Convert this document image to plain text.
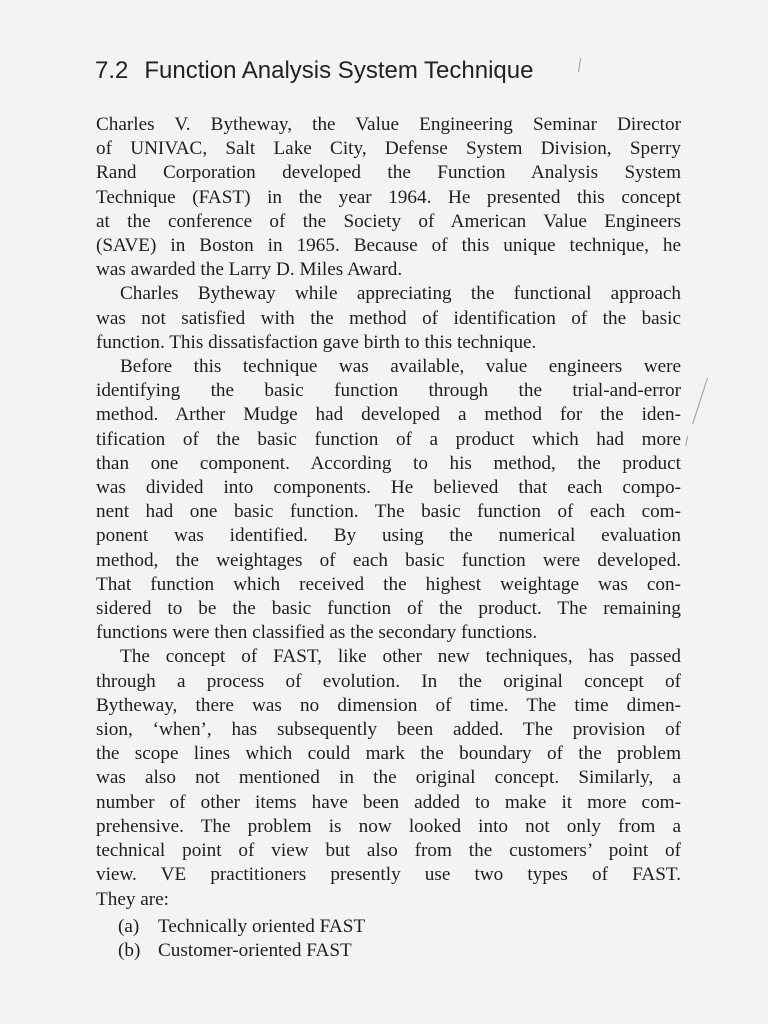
7.2 Function Analysis System Technique
Charles V. Bytheway, the Value Engineering Seminar Director
of UNIVAC, Salt Lake City, Defense System Division, Sperry
Rand Corporation developed the Function Analysis System
Technique (FAST) in the year 1964. He presented this concept
at the conference of the Society of American Value Engineers
(SAVE) in Boston in 1965. Because of this unique technique, he
was awarded the Larry D. Miles Award.
Charles Bytheway while appreciating the functional approach
was not satisfied with the method of identification of the basic
function. This dissatisfaction gave birth to this technique.
Before this technique was available, value engineers were
identifying the basic function through the trial-and-error
method. Arther Mudge had developed a method for the iden-
tification of the basic function of a product which had more
than one component. According to his method, the product
was divided into components. He believed that each compo-
nent had one basic function. The basic function of each com-
ponent was identified. By using the numerical evaluation
method, the weightages of each basic function were developed.
That function which received the highest weightage was con-
sidered to be the basic function of the product. The remaining
functions were then classified as the secondary functions.
The concept of FAST, like other new techniques, has passed
through a process of evolution. In the original concept of
Bytheway, there was no dimension of time. The time dimen-
sion, ‘when’, has subsequently been added. The provision of
the scope lines which could mark the boundary of the problem
was also not mentioned in the original concept. Similarly, a
number of other items have been added to make it more com-
prehensive. The problem is now looked into not only from a
technical point of view but also from the customers’ point of
view. VE practitioners presently use two types of FAST.
They are:
(a) Technically oriented FAST
(b) Customer-oriented FAST
